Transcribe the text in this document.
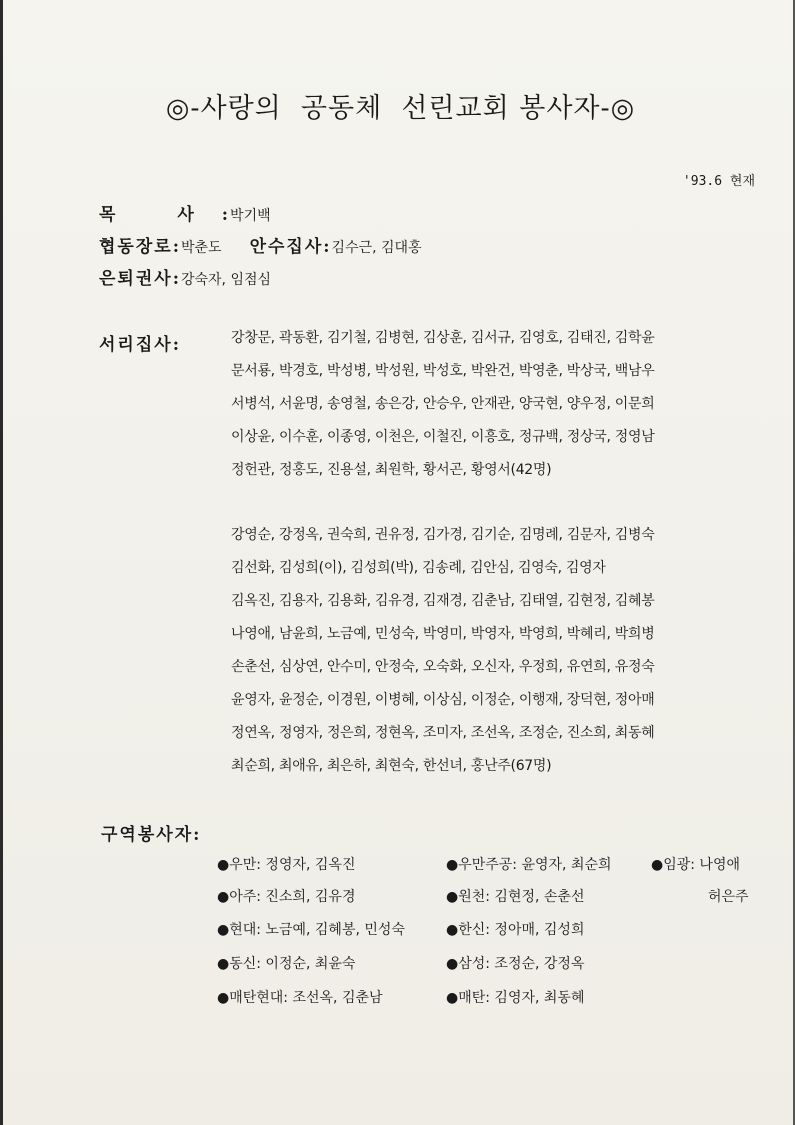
◎-사랑의  공동체  선린교회 봉사자-◎
'93.6 현재
목 사 : 박기백
협동장로 : 박춘도 안수집사 : 김수근, 김대홍
은퇴권사 : 강숙자, 임점심
서리집사 :	강창문, 곽동환, 김기철, 김병현, 김상훈, 김서규, 김영호, 김태진, 김학윤
문서룡, 박경호, 박성병, 박성원, 박성호, 박완건, 박영춘, 박상국, 백남우
서병석, 서윤명, 송영철, 송은강, 안승우, 안재관, 양국현, 양우정, 이문희
이상윤, 이수훈, 이종영, 이천은, 이철진, 이흥호, 정규백, 정상국, 정영남
정헌관, 정홍도, 진용설, 최원학, 황서곤, 황영서(42명)
강영순, 강정옥, 권숙희, 권유정, 김가경, 김기순, 김명례, 김문자, 김병숙
김선화, 김성희(이), 김성희(박), 김송례, 김안심, 김영숙, 김영자
김옥진, 김용자, 김용화, 김유경, 김재경, 김춘남, 김태열, 김현정, 김혜봉
나영애, 남윤희, 노금예, 민성숙, 박영미, 박영자, 박영희, 박혜리, 박희병
손춘선, 심상연, 안수미, 안정숙, 오숙화, 오신자, 우정희, 유연희, 유정숙
윤영자, 윤정순, 이경원, 이병혜, 이상심, 이정순, 이행재, 장덕현, 정아매
정연옥, 정영자, 정은희, 정현옥, 조미자, 조선옥, 조정순, 진소희, 최동혜
최순희, 최애유, 최은하, 최현숙, 한선녀, 홍난주(67명)
구역봉사자:
●우만: 정영자, 김옥진	●우만주공: 윤영자, 최순희	●임광: 나영애
●아주: 진소희, 김유경	●원천: 김현정, 손춘선	허은주
●현대: 노금예, 김혜봉, 민성숙	●한신: 정아매, 김성희
●동신: 이정순, 최윤숙	●삼성: 조정순, 강정옥
●매탄현대: 조선옥, 김춘남	●매탄: 김영자, 최동혜
